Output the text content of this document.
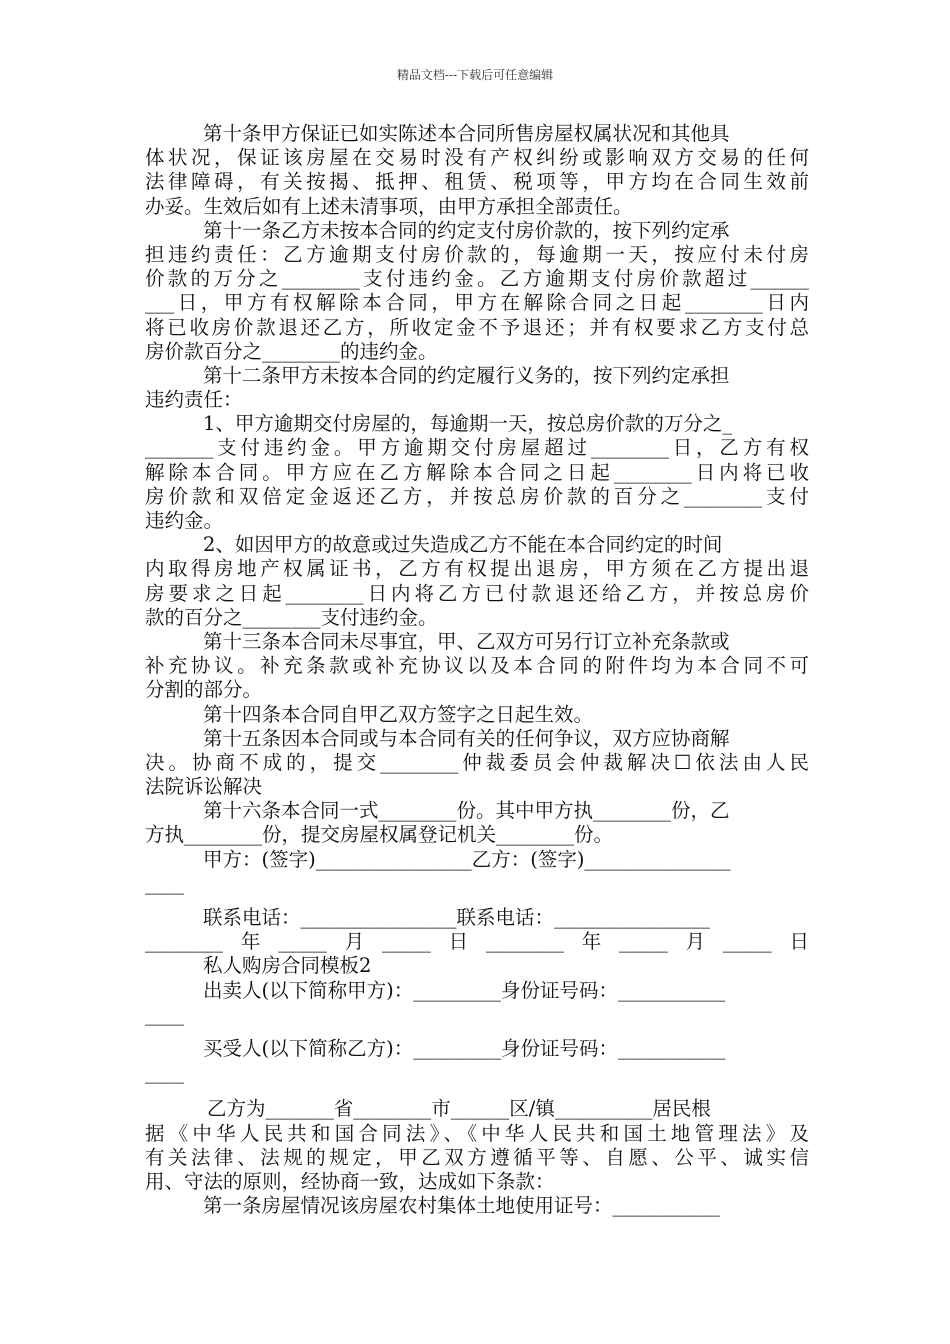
精品文档---下载后可任意编辑
第十条甲方保证已如实陈述本合同所售房屋权属状况和其他具
体状况，保证该房屋在交易时没有产权纠纷或影响双方交易的任何
法律障碍，有关按揭、抵押、租赁、税项等，甲方均在合同生效前
办妥。生效后如有上述未清事项，由甲方承担全部责任。
第十一条乙方未按本合同的约定支付房价款的，按下列约定承
担违约责任：乙方逾期支付房价款的，每逾期一天，按应付未付房
价款的万分之________支付违约金。乙方逾期支付房价款超过______
___日，甲方有权解除本合同，甲方在解除合同之日起________日内
将已收房价款退还乙方，所收定金不予退还；并有权要求乙方支付总
房价款百分之________的违约金。
第十二条甲方未按本合同的约定履行义务的，按下列约定承担
违约责任：
1、甲方逾期交付房屋的，每逾期一天，按总房价款的万分之_
_______支付违约金。甲方逾期交付房屋超过________日，乙方有权
解除本合同。甲方应在乙方解除本合同之日起________日内将已收
房价款和双倍定金返还乙方，并按总房价款的百分之________支付
违约金。
2、如因甲方的故意或过失造成乙方不能在本合同约定的时间
内取得房地产权属证书，乙方有权提出退房，甲方须在乙方提出退
房要求之日起________日内将乙方已付款退还给乙方，并按总房价
款的百分之________支付违约金。
第十三条本合同未尽事宜，甲、乙双方可另行订立补充条款或
补充协议。补充条款或补充协议以及本合同的附件均为本合同不可
分割的部分。
第十四条本合同自甲乙双方签字之日起生效。
第十五条因本合同或与本合同有关的任何争议，双方应协商解
决。协商不成的，提交________仲裁委员会仲裁解决☐依法由人民
法院诉讼解决
第十六条本合同一式________份。其中甲方执________份，乙
方执________份，提交房屋权属登记机关________份。
甲方：(签字)________________乙方：(签字)_______________
____
联系电话：________________联系电话：________________
________年_____月_____日________年_____月_____日
私人购房合同模板2
出卖人(以下简称甲方)：_________身份证号码：___________
____
买受人(以下简称乙方)：_________身份证号码：___________
____
乙方为_______省________市______区/镇__________居民根
据《中华人民共和国合同法》、《中华人民共和国土地管理法》及
有关法律、法规的规定，甲乙双方遵循平等、自愿、公平、诚实信
用、守法的原则，经协商一致，达成如下条款：
第一条房屋情况该房屋农村集体土地使用证号：___________
